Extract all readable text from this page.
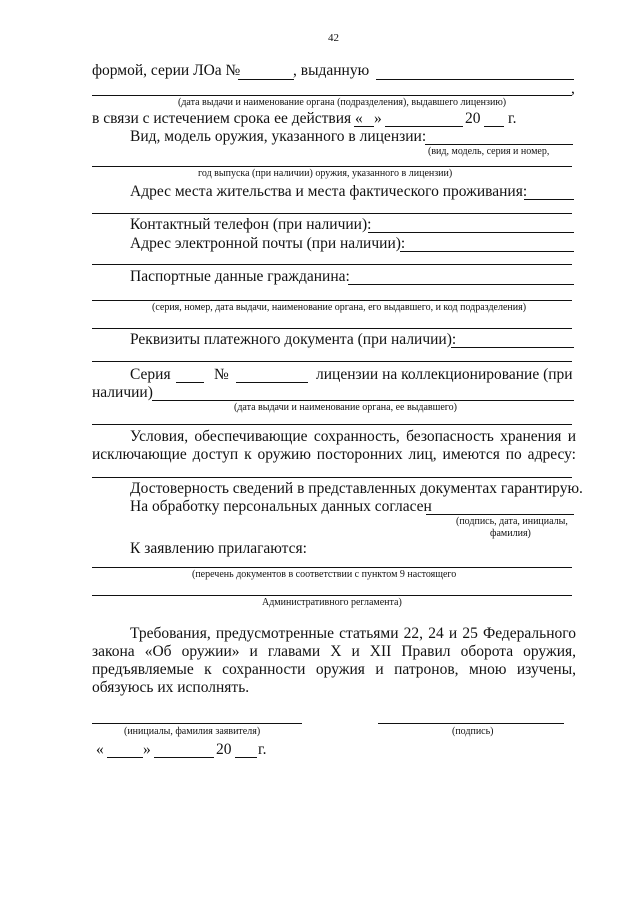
42
формой, серии ЛОа №	, выданную
,
(дата выдачи и наименование органа (подразделения), выдавшего лицензию)
в связи с истечением срока ее действия « »	20 г.
Вид, модель оружия, указанного в лицензии:
(вид, модель, серия и номер,
год выпуска (при наличии) оружия, указанного в лицензии)
Адрес места жительства и места фактического проживания:
Контактный телефон (при наличии):
Адрес электронной почты (при наличии):
Паспортные данные гражданина:
(серия, номер, дата выдачи, наименование органа, его выдавшего, и код подразделения)
Реквизиты платежного документа (при наличии):
Серия	№	лицензии на коллекционирование (при
наличии)
(дата выдачи и наименование органа, ее выдавшего)
Условия, обеспечивающие сохранность, безопасность хранения и
исключающие доступ к оружию посторонних лиц, имеются по адресу:
Достоверность сведений в представленных документах гарантирую.
На обработку персональных данных согласен
(подпись, дата, инициалы,
фамилия)
К заявлению прилагаются:
(перечень документов в соответствии с пунктом 9 настоящего
Административного регламента)
Требования, предусмотренные статьями 22, 24 и 25 Федерального
закона «Об оружии» и главами X и XII Правил оборота оружия,
предъявляемые к сохранности оружия и патронов, мною изучены,
обязуюсь их исполнять.
(инициалы, фамилия заявителя)	(подпись)
«	»	20 г.
